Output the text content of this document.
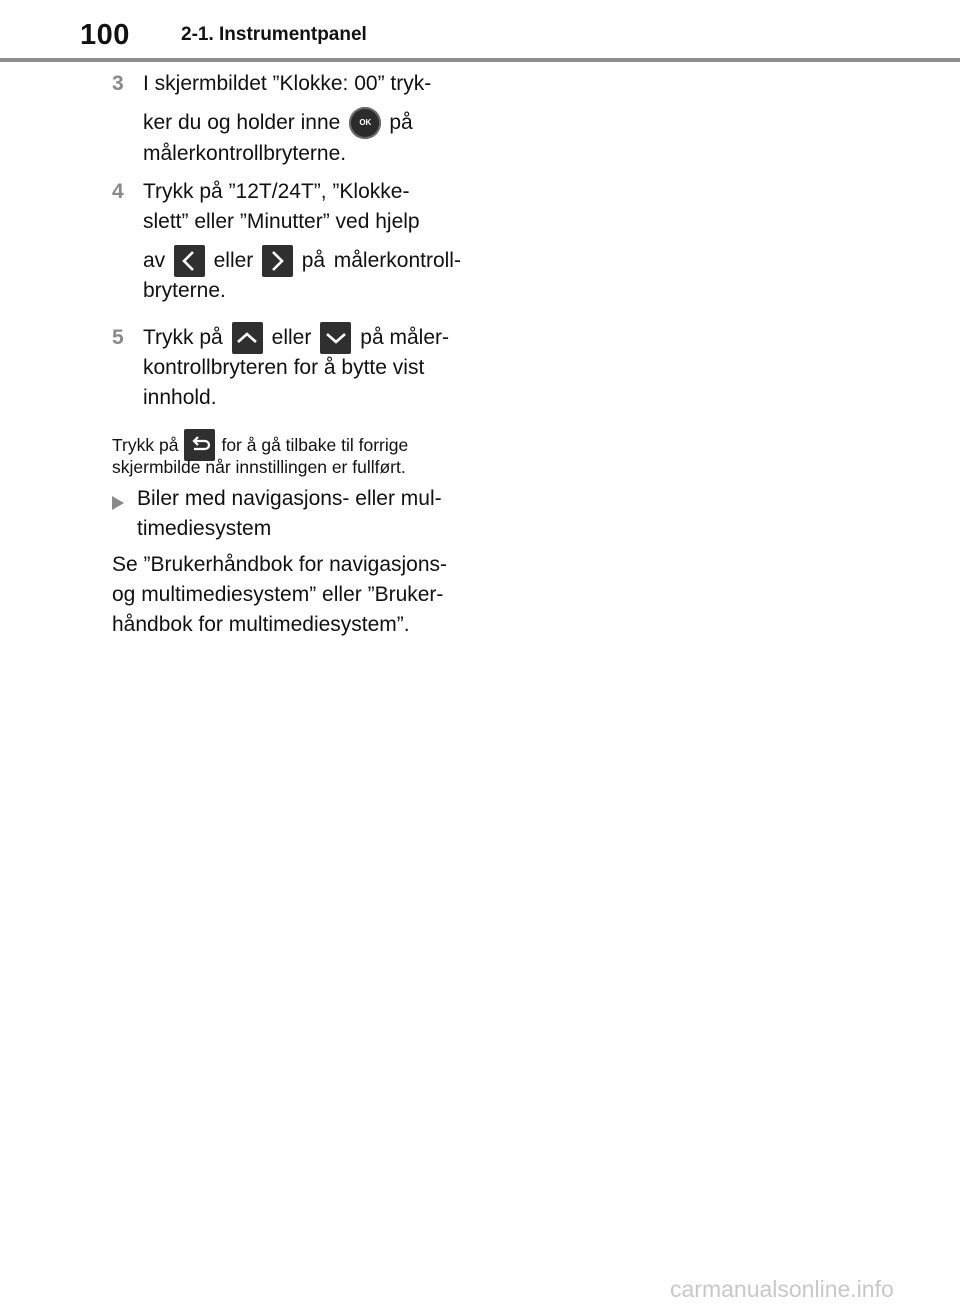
100	2-1. Instrumentpanel
3 I skjermbildet ”Klokke: 00” tryk-
ker du og holder inne OK på
målerkontrollbryterne.
4 Trykk på ”12T/24T”, ”Klokke-
slett” eller ”Minutter” ved hjelp
av eller på målerkontroll-
bryterne.
5 Trykk på eller på måler-
kontrollbryteren for å bytte vist
innhold.
Trykk på for å gå tilbake til forrige
skjermbilde når innstillingen er fullført.
Biler med navigasjons- eller mul-
timediesystem
Se ”Brukerhåndbok for navigasjons-
og multimediesystem” eller ”Bruker-
håndbok for multimediesystem”.
carmanualsonline.info
